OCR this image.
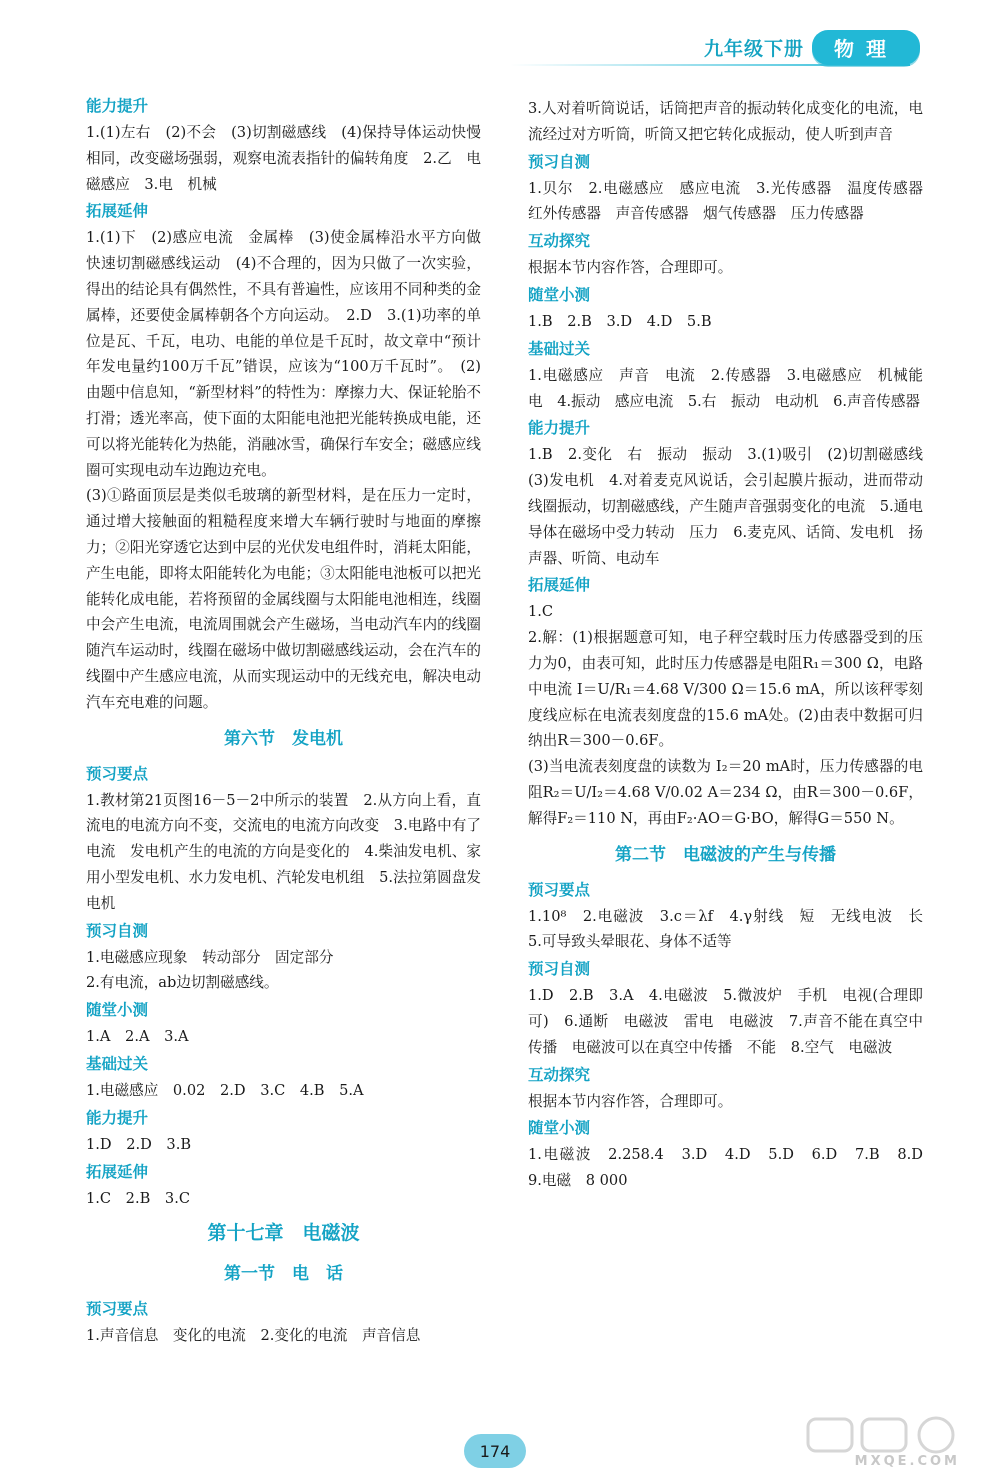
九年级下册	物理
能力提升
1.(1)左右　(2)不会　(3)切割磁感线　(4)保持导体运动快慢相同，改变磁场强弱，观察电流表指针的偏转角度　2.乙　电磁感应　3.电　机械
拓展延伸
1.(1)下　(2)感应电流　金属棒　(3)使金属棒沿水平方向做快速切割磁感线运动　(4)不合理的，因为只做了一次实验，得出的结论具有偶然性，不具有普遍性，应该用不同种类的金属棒，还要使金属棒朝各个方向运动。　2.D　3.(1)功率的单位是瓦、千瓦，电功、电能的单位是千瓦时，故文章中“预计年发电量约100万千瓦”错误，应该为“100万千瓦时”。　(2)由题中信息知，“新型材料”的特性为：摩擦力大、保证轮胎不打滑；透光率高，使下面的太阳能电池把光能转换成电能，还可以将光能转化为热能，消融冰雪，确保行车安全；磁感应线圈可实现电动车边跑边充电。
(3)①路面顶层是类似毛玻璃的新型材料，是在压力一定时，通过增大接触面的粗糙程度来增大车辆行驶时与地面的摩擦力；②阳光穿透它达到中层的光伏发电组件时，消耗太阳能，产生电能，即将太阳能转化为电能；③太阳能电池板可以把光能转化成电能，若将预留的金属线圈与太阳能电池相连，线圈中会产生电流，电流周围就会产生磁场，当电动汽车内的线圈随汽车运动时，线圈在磁场中做切割磁感线运动，会在汽车的线圈中产生感应电流，从而实现运动中的无线充电，解决电动汽车充电难的问题。
第六节　发电机
预习要点
1.教材第21页图16－5－2中所示的装置　2.从方向上看，直流电的电流方向不变，交流电的电流方向改变　3.电路中有了电流　发电机产生的电流的方向是变化的　4.柴油发电机、家用小型发电机、水力发电机、汽轮发电机组　5.法拉第圆盘发电机
预习自测
1.电磁感应现象　转动部分　固定部分
2.有电流，ab边切割磁感线。
随堂小测
1.A　2.A　3.A
基础过关
1.电磁感应　0.02　2.D　3.C　4.B　5.A
能力提升
1.D　2.D　3.B
拓展延伸
1.C　2.B　3.C
第十七章　电磁波
第一节　电　话
预习要点
1.声音信息　变化的电流　2.变化的电流　声音信息
3.人对着听筒说话，话筒把声音的振动转化成变化的电流，电流经过对方听筒，听筒又把它转化成振动，使人听到声音
预习自测
1.贝尔　2.电磁感应　感应电流　3.光传感器　温度传感器　红外传感器　声音传感器　烟气传感器　压力传感器
互动探究
根据本节内容作答，合理即可。
随堂小测
1.B　2.B　3.D　4.D　5.B
基础过关
1.电磁感应　声音　电流　2.传感器　3.电磁感应　机械能　电　4.振动　感应电流　5.右　振动　电动机　6.声音传感器
能力提升
1.B　2.变化　右　振动　振动　3.(1)吸引　(2)切割磁感线　(3)发电机　4.对着麦克风说话，会引起膜片振动，进而带动线圈振动，切割磁感线，产生随声音强弱变化的电流　5.通电导体在磁场中受力转动　压力　6.麦克风、话筒、发电机　扬声器、听筒、电动车
拓展延伸
1.C
2.解：(1)根据题意可知，电子秤空载时压力传感器受到的压力为0，由表可知，此时压力传感器是电阻R₁＝300 Ω，电路中电流 I＝U/R₁＝4.68 V/300 Ω＝15.6 mA，所以该秤零刻度线应标在电流表刻度盘的15.6 mA处。(2)由表中数据可归纳出R＝300－0.6F。
(3)当电流表刻度盘的读数为 I₂＝20 mA时，压力传感器的电阻R₂＝U/I₂＝4.68 V/0.02 A＝234 Ω，由R＝300－0.6F，解得F₂＝110 N，再由F₂·AO＝G·BO，解得G＝550 N。
第二节　电磁波的产生与传播
预习要点
1.10⁸　2.电磁波　3.c＝λf　4.γ射线　短　无线电波　长　5.可导致头晕眼花、身体不适等
预习自测
1.D　2.B　3.A　4.电磁波　5.微波炉　手机　电视(合理即可)　6.通断　电磁波　雷电　电磁波　7.声音不能在真空中传播　电磁波可以在真空中传播　不能　8.空气　电磁波
互动探究
根据本节内容作答，合理即可。
随堂小测
1.电磁波　2.258.4　3.D　4.D　5.D　6.D　7.B　8.D　9.电磁　8 000
174
MXQE.COM
